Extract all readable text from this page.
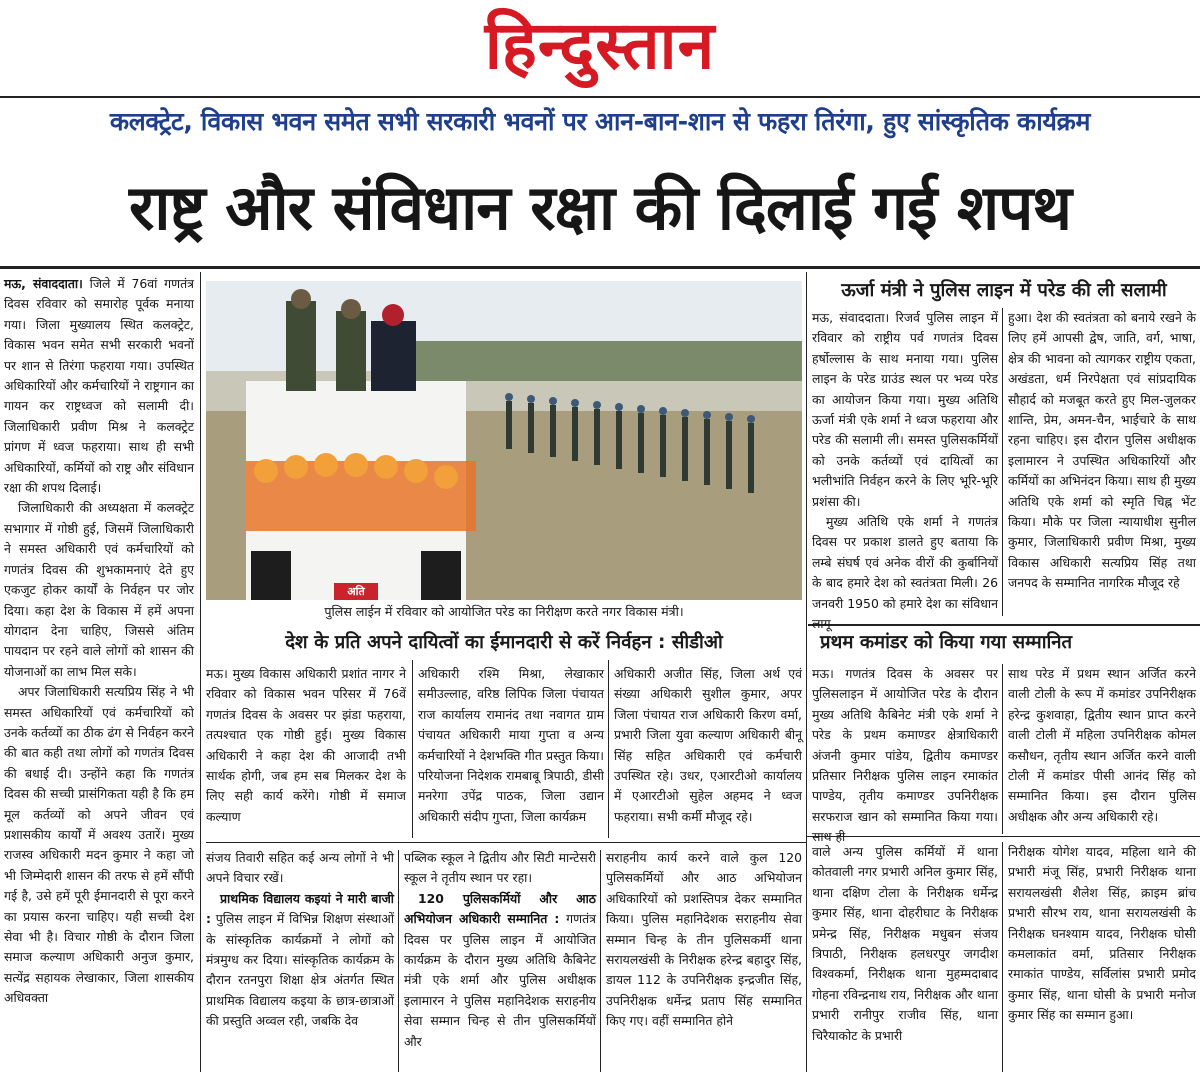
हिन्दुस्तान
कलक्ट्रेट, विकास भवन समेत सभी सरकारी भवनों पर आन-बान-शान से फहरा तिरंगा, हुए सांस्कृतिक कार्यक्रम
राष्ट्र और संविधान रक्षा की दिलाई गई शपथ

मऊ, संवाददाता। जिले में 76वां गणतंत्र दिवस रविवार को समारोह पूर्वक मनाया गया। जिला मुख्यालय स्थित कलक्ट्रेट, विकास भवन समेत सभी सरकारी भवनों पर शान से तिरंगा फहराया गया। उपस्थित अधिकारियों और कर्मचारियों ने राष्ट्रगान का गायन कर राष्ट्रध्वज को सलामी दी। जिलाधिकारी प्रवीण मिश्र ने कलक्ट्रेट प्रांगण में ध्वज फहराया। साथ ही सभी अधिकारियों, कर्मियों को राष्ट्र और संविधान रक्षा की शपथ दिलाई।

जिलाधिकारी की अध्यक्षता में कलक्ट्रेट सभागार में गोष्ठी हुई, जिसमें जिलाधिकारी ने समस्त अधिकारी एवं कर्मचारियों को गणतंत्र दिवस की शुभकामनाएं देते हुए एकजुट होकर कार्यों के निर्वहन पर जोर दिया। कहा देश के विकास में हमें अपना योगदान देना चाहिए, जिससे अंतिम पायदान पर रहने वाले लोगों को शासन की योजनाओं का लाभ मिल सके।

अपर जिलाधिकारी सत्यप्रिय सिंह ने भी समस्त अधिकारियों एवं कर्मचारियों को उनके कर्तव्यों का ठीक ढंग से निर्वहन करने की बात कही तथा लोगों को गणतंत्र दिवस की बधाई दी। उन्होंने कहा कि गणतंत्र दिवस की सच्ची प्रासंगिकता यही है कि हम मूल कर्तव्यों को अपने जीवन एवं प्रशासकीय कार्यों में अवश्य उतारें। मुख्य राजस्व अधिकारी मदन कुमार ने कहा जो भी जिम्मेदारी शासन की तरफ से हमें सौंपी गई है, उसे हमें पूरी ईमानदारी से पूरा करने का प्रयास करना चाहिए। यही सच्ची देश सेवा भी है। विचार गोष्ठी के दौरान जिला समाज कल्याण अधिकारी अनुज कुमार, सत्येंद्र सहायक लेखाकार, जिला शासकीय अधिवक्ता

अति
पुलिस लाईन में रविवार को आयोजित परेड का निरीक्षण करते नगर विकास मंत्री।
देश के प्रति अपने दायित्वों का ईमानदारी से करें निर्वहन : सीडीओ

मऊ। मुख्य विकास अधिकारी प्रशांत नागर ने रविवार को विकास भवन परिसर में 76वें गणतंत्र दिवस के अवसर पर झंडा फहराया, तत्पश्चात एक गोष्ठी हुई। मुख्य विकास अधिकारी ने कहा देश की आजादी तभी सार्थक होगी, जब हम सब मिलकर देश के लिए सही कार्य करेंगे। गोष्ठी में समाज कल्याण

अधिकारी रश्मि मिश्रा, लेखाकार समीउल्लाह, वरिष्ठ लिपिक जिला पंचायत राज कार्यालय रामानंद तथा नवागत ग्राम पंचायत अधिकारी माया गुप्ता व अन्य कर्मचारियों ने देशभक्ति गीत प्रस्तुत किया। परियोजना निदेशक रामबाबू त्रिपाठी, डीसी मनरेगा उपेंद्र पाठक, जिला उद्यान अधिकारी संदीप गुप्ता, जिला कार्यक्रम

अधिकारी अजीत सिंह, जिला अर्थ एवं संख्या अधिकारी सुशील कुमार, अपर जिला पंचायत राज अधिकारी किरण वर्मा, प्रभारी जिला युवा कल्याण अधिकारी बीनू सिंह सहित अधिकारी एवं कर्मचारी उपस्थित रहे। उधर, एआरटीओ कार्यालय में एआरटीओ सुहेल अहमद ने ध्वज फहराया। सभी कर्मी मौजूद रहे।

ऊर्जा मंत्री ने पुलिस लाइन में परेड की ली सलामी

मऊ, संवाददाता। रिजर्व पुलिस लाइन में रविवार को राष्ट्रीय पर्व गणतंत्र दिवस हर्षोल्लास के साथ मनाया गया। पुलिस लाइन के परेड ग्राउंड स्थल पर भव्य परेड का आयोजन किया गया। मुख्य अतिथि ऊर्जा मंत्री एके शर्मा ने ध्वज फहराया और परेड की सलामी ली। समस्त पुलिसकर्मियों को उनके कर्तव्यों एवं दायित्वों का भलीभांति निर्वहन करने के लिए भूरि-भूरि प्रशंसा की।

मुख्य अतिथि एके शर्मा ने गणतंत्र दिवस पर प्रकाश डालते हुए बताया कि लम्बे संघर्ष एवं अनेक वीरों की कुर्बानियों के बाद हमारे देश को स्वतंत्रता मिली। 26 जनवरी 1950 को हमारे देश का संविधान लागू

हुआ। देश की स्वतंत्रता को बनाये रखने के लिए हमें आपसी द्वेष, जाति, वर्ग, भाषा, क्षेत्र की भावना को त्यागकर राष्ट्रीय एकता, अखंडता, धर्म निरपेक्षता एवं सांप्रदायिक सौहार्द को मजबूत करते हुए मिल-जुलकर शान्ति, प्रेम, अमन-चैन, भाईचारे के साथ रहना चाहिए। इस दौरान पुलिस अधीक्षक इलामारन ने उपस्थित अधिकारियों और कर्मियों का अभिनंदन किया। साथ ही मुख्य अतिथि एके शर्मा को स्मृति चिह्न भेंट किया। मौके पर जिला न्यायाधीश सुनील कुमार, जिलाधिकारी प्रवीण मिश्रा, मुख्य विकास अधिकारी सत्यप्रिय सिंह तथा जनपद के सम्मानित नागरिक मौजूद रहे

प्रथम कमांडर को किया गया सम्मानित

मऊ। गणतंत्र दिवस के अवसर पर पुलिसलाइन में आयोजित परेड के दौरान मुख्य अतिथि कैबिनेट मंत्री एके शर्मा ने परेड के प्रथम कमाण्डर क्षेत्राधिकारी अंजनी कुमार पांडेय, द्वितीय कमाण्डर प्रतिसार निरीक्षक पुलिस लाइन रमाकांत पाण्डेय, तृतीय कमाण्डर उपनिरीक्षक सरफराज खान को सम्मानित किया गया। साथ ही

साथ परेड में प्रथम स्थान अर्जित करने वाली टोली के रूप में कमांडर उपनिरीक्षक हरेन्द्र कुशवाहा, द्वितीय स्थान प्राप्त करने वाली टोली में महिला उपनिरीक्षक कोमल कसौधन, तृतीय स्थान अर्जित करने वाली टोली में कमांडर पीसी आनंद सिंह को सम्मानित किया। इस दौरान पुलिस अधीक्षक और अन्य अधिकारी रहे।

संजय तिवारी सहित कई अन्य लोगों ने भी अपने विचार रखें।

प्राथमिक विद्यालय कइयां ने मारी बाजी : पुलिस लाइन में विभिन्न शिक्षण संस्थाओं के सांस्कृतिक कार्यक्रमों ने लोगों को मंत्रमुग्ध कर दिया। सांस्कृतिक कार्यक्रम के दौरान रतनपुरा शिक्षा क्षेत्र अंतर्गत स्थित प्राथमिक विद्यालय कइया के छात्र-छात्राओं की प्रस्तुति अव्वल रही, जबकि देव

पब्लिक स्कूल ने द्वितीय और सिटी मान्टेसरी स्कूल ने तृतीय स्थान पर रहा।

120 पुलिसकर्मियों और आठ अभियोजन अधिकारी सम्मानित : गणतंत्र दिवस पर पुलिस लाइन में आयोजित कार्यक्रम के दौरान मुख्य अतिथि कैबिनेट मंत्री एके शर्मा और पुलिस अधीक्षक इलामारन ने पुलिस महानिदेशक सराहनीय सेवा सम्मान चिन्ह से तीन पुलिसकर्मियों और

सराहनीय कार्य करने वाले कुल 120 पुलिसकर्मियों और आठ अभियोजन अधिकारियों को प्रशस्तिपत्र देकर सम्मानित किया। पुलिस महानिदेशक सराहनीय सेवा सम्मान चिन्ह के तीन पुलिसकर्मी थाना सरायलखंसी के निरीक्षक हरेन्द्र बहादुर सिंह, डायल 112 के उपनिरीक्षक इन्द्रजीत सिंह, उपनिरीक्षक धर्मेन्द्र प्रताप सिंह सम्मानित किए गए। वहीं सम्मानित होने

वाले अन्य पुलिस कर्मियों में थाना कोतवाली नगर प्रभारी अनिल कुमार सिंह, थाना दक्षिण टोला के निरीक्षक धर्मेन्द्र कुमार सिंह, थाना दोहरीघाट के निरीक्षक प्रमेन्द्र सिंह, निरीक्षक मधुबन संजय त्रिपाठी, निरीक्षक हलधरपुर जगदीश विश्वकर्मा, निरीक्षक थाना मुहम्मदाबाद गोहना रविन्द्रनाथ राय, निरीक्षक और थाना प्रभारी रानीपुर राजीव सिंह, थाना चिरैयाकोट के प्रभारी

निरीक्षक योगेश यादव, महिला थाने की प्रभारी मंजू सिंह, प्रभारी निरीक्षक थाना सरायलखंसी शैलेश सिंह, क्राइम ब्रांच प्रभारी सौरभ राय, थाना सरायलखंसी के निरीक्षक घनश्याम यादव, निरीक्षक घोसी कमलाकांत वर्मा, प्रतिसार निरीक्षक रमाकांत पाण्डेय, सर्विलांस प्रभारी प्रमोद कुमार सिंह, थाना घोसी के प्रभारी मनोज कुमार सिंह का सम्मान हुआ।
